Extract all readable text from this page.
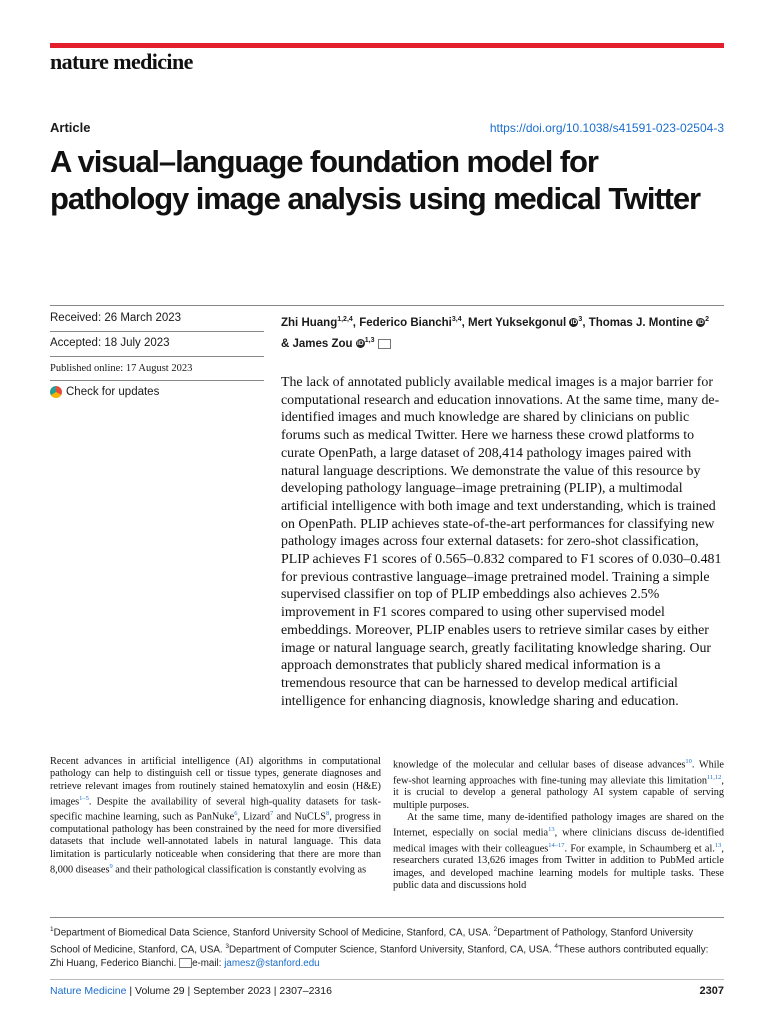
nature medicine
Article	https://doi.org/10.1038/s41591-023-02504-3
A visual–language foundation model for pathology image analysis using medical Twitter
Received: 26 March 2023
Accepted: 18 July 2023
Published online: 17 August 2023
Check for updates
Zhi Huang$^{1,2,4}$, Federico Bianchi$^{3,4}$, Mert Yuksekgonul $iD^3$, Thomas J. Montine $iD^2$
& James Zou iD$^{1,3}$

The lack of annotated publicly available medical images is a major barrier for computational research and education innovations. At the same time, many de-identified images and much knowledge are shared by clinicians on public forums such as medical Twitter. Here we harness these crowd platforms to curate OpenPath, a large dataset of 208,414 pathology images paired with natural language descriptions. We demonstrate the value of this resource by developing pathology language–image pretraining (PLIP), a multimodal artificial intelligence with both image and text understanding, which is trained on OpenPath. PLIP achieves state-of-the-art performances for classifying new pathology images across four external datasets: for zero-shot classification, PLIP achieves F1 scores of 0.565–0.832 compared to F1 scores of 0.030–0.481 for previous contrastive language–image pretrained model. Training a simple supervised classifier on top of PLIP embeddings also achieves 2.5% improvement in F1 scores compared to using other supervised model embeddings. Moreover, PLIP enables users to retrieve similar cases by either image or natural language search, greatly facilitating knowledge sharing. Our approach demonstrates that publicly shared medical information is a tremendous resource that can be harnessed to develop medical artificial intelligence for enhancing diagnosis, knowledge sharing and education.

Recent advances in artificial intelligence (AI) algorithms in computational pathology can help to distinguish cell or tissue types, generate diagnoses and retrieve relevant images from routinely stained hematoxylin and eosin (H&E) images$^{1-5}$. Despite the availability of several high-quality datasets for task-specific machine learning, such as PanNuke$^6$, Lizard$^7$ and NuCLS$^8$, progress in computational pathology has been constrained by the need for more diversified datasets that include well-annotated labels in natural language. This data limitation is particularly noticeable when considering that there are more than 8,000 diseases$^9$ and their pathological classification is constantly evolving as

knowledge of the molecular and cellular bases of disease advances$^{10}$. While few-shot learning approaches with fine-tuning may alleviate this limitation$^{11,12}$, it is crucial to develop a general pathology AI system capable of serving multiple purposes.

At the same time, many de-identified pathology images are shared on the Internet, especially on social media$^{13}$, where clinicians discuss de-identified medical images with their colleagues$^{14-17}$. For example, in Schaumberg et al.$^{13}$, researchers curated 13,626 images from Twitter in addition to PubMed article images, and developed machine learning models for multiple tasks. These public data and discussions hold

$^1$Department of Biomedical Data Science, Stanford University School of Medicine, Stanford, CA, USA. $^2$Department of Pathology, Stanford University School of Medicine, Stanford, CA, USA. $^3$Department of Computer Science, Stanford University, Stanford, CA, USA. $^4$These authors contributed equally: Zhi Huang, Federico Bianchi. e-mail: jamesz@stanford.edu
Nature Medicine | Volume 29 | September 2023 | 2307–2316	2307
